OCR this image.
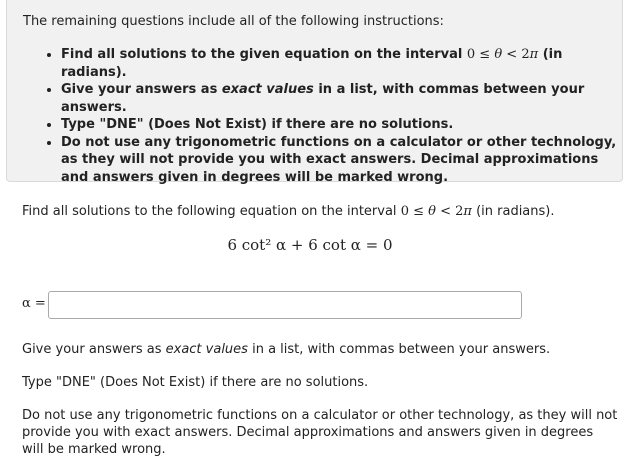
The remaining questions include all of the following instructions:
• Find all solutions to the given equation on the interval 0 ≤ θ < 2π (in radians).
• Give your answers as exact values in a list, with commas between your answers.
• Type "DNE" (Does Not Exist) if there are no solutions.
• Do not use any trigonometric functions on a calculator or other technology, as they will not provide you with exact answers. Decimal approximations and answers given in degrees will be marked wrong.
Find all solutions to the following equation on the interval 0 ≤ θ < 2π (in radians).
6 cot² α + 6 cot α = 0
α =
Give your answers as exact values in a list, with commas between your answers.
Type "DNE" (Does Not Exist) if there are no solutions.
Do not use any trigonometric functions on a calculator or other technology, as they will not provide you with exact answers. Decimal approximations and answers given in degrees will be marked wrong.
